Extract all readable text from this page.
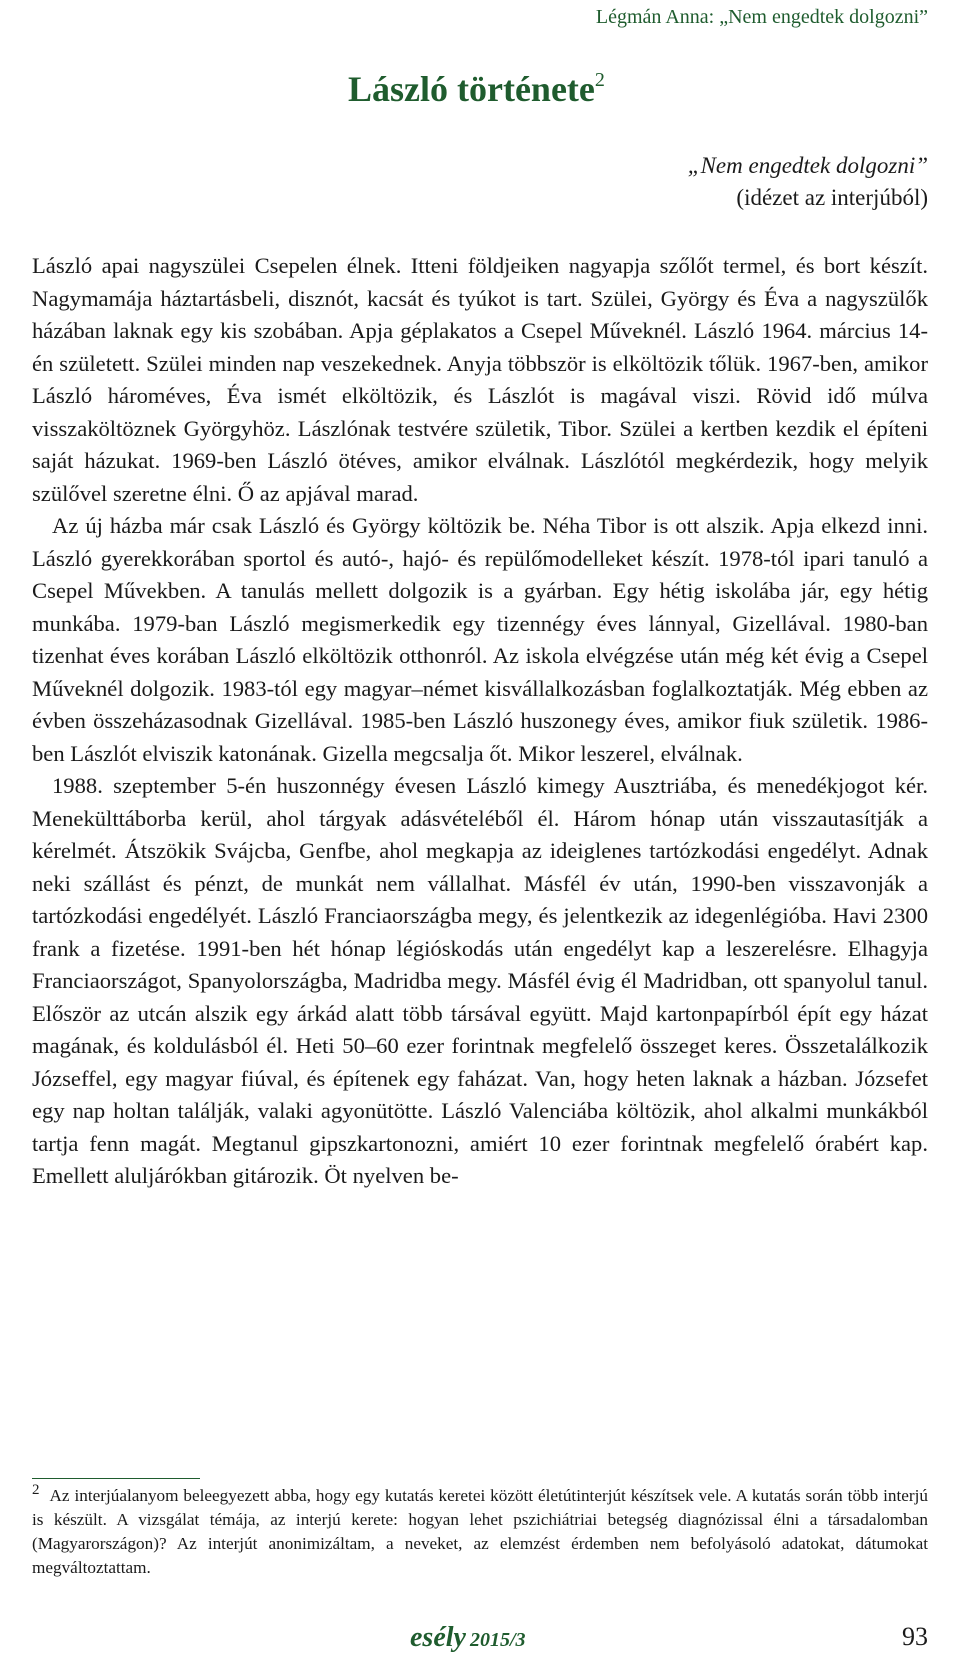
Légmán Anna: „Nem engedtek dolgozni”
László története$^2$
„Nem engedtek dolgozni”
(idézet az interjúból)

László apai nagyszülei Csepelen élnek. Itteni földjeiken nagyapja szőlőt termel, és bort készít. Nagymamája háztartásbeli, disznót, kacsát és tyúkot is tart. Szülei, György és Éva a nagyszülők házában laknak egy kis szobában. Apja géplakatos a Csepel Műveknél. László 1964. március 14-én született. Szülei minden nap veszekednek. Anyja többször is elköltözik tőlük. 1967-ben, amikor László hároméves, Éva ismét elköltözik, és Lászlót is magával viszi. Rövid idő múlva visszaköltöznek Györgyhöz. Lászlónak testvére születik, Tibor. Szülei a kertben kezdik el építeni saját házukat. 1969-ben László ötéves, amikor elválnak. Lászlótól megkérdezik, hogy melyik szülővel szeretne élni. Ő az apjával marad.

Az új házba már csak László és György költözik be. Néha Tibor is ott alszik. Apja elkezd inni. László gyerekkorában sportol és autó-, hajó- és repülőmodelleket készít. 1978-tól ipari tanuló a Csepel Művekben. A tanulás mellett dolgozik is a gyárban. Egy hétig iskolába jár, egy hétig munkába. 1979-ban László megismerkedik egy tizennégy éves lánnyal, Gizellával. 1980-ban tizenhat éves korában László elköltözik otthonról. Az iskola elvégzése után még két évig a Csepel Műveknél dolgozik. 1983-tól egy magyar–német kisvállalkozásban foglalkoztatják. Még ebben az évben összeházasodnak Gizellával. 1985-ben László huszonegy éves, amikor fiuk születik. 1986-ben Lászlót elviszik katonának. Gizella megcsalja őt. Mikor leszerel, elválnak.

1988. szeptember 5-én huszonnégy évesen László kimegy Ausztriába, és menedékjogot kér. Menekülttáborba kerül, ahol tárgyak adásvételéből él. Három hónap után visszautasítják a kérelmét. Átszökik Svájcba, Genfbe, ahol megkapja az ideiglenes tartózkodási engedélyt. Adnak neki szállást és pénzt, de munkát nem vállalhat. Másfél év után, 1990-ben visszavonják a tartózkodási engedélyét. László Franciaországba megy, és jelentkezik az idegenlégióba. Havi 2300 frank a fizetése. 1991-ben hét hónap légióskodás után engedélyt kap a leszerelésre. Elhagyja Franciaországot, Spanyolországba, Madridba megy. Másfél évig él Madridban, ott spanyolul tanul. Először az utcán alszik egy árkád alatt több társával együtt. Majd kartonpapírból épít egy házat magának, és koldulásból él. Heti 50–60 ezer forintnak megfelelő összeget keres. Összetalálkozik Józseffel, egy magyar fiúval, és építenek egy faházat. Van, hogy heten laknak a házban. Józsefet egy nap holtan találják, valaki agyonütötte. László Valenciába költözik, ahol alkalmi munkákból tartja fenn magát. Megtanul gipszkartonozni, amiért 10 ezer forintnak megfelelő órabért kap. Emellett aluljárókban gitározik. Öt nyelven be-

2 Az interjúalanyom beleegyezett abba, hogy egy kutatás keretei között életútinterjút készítsek vele. A kutatás során több interjú is készült. A vizsgálat témája, az interjú kerete: hogyan lehet pszichiátriai betegség diagnózissal élni a társadalomban (Magyarországon)? Az interjút anonimizáltam, a neveket, az elemzést érdemben nem befolyásoló adatokat, dátumokat megváltoztattam.
esély 2015/3	93
